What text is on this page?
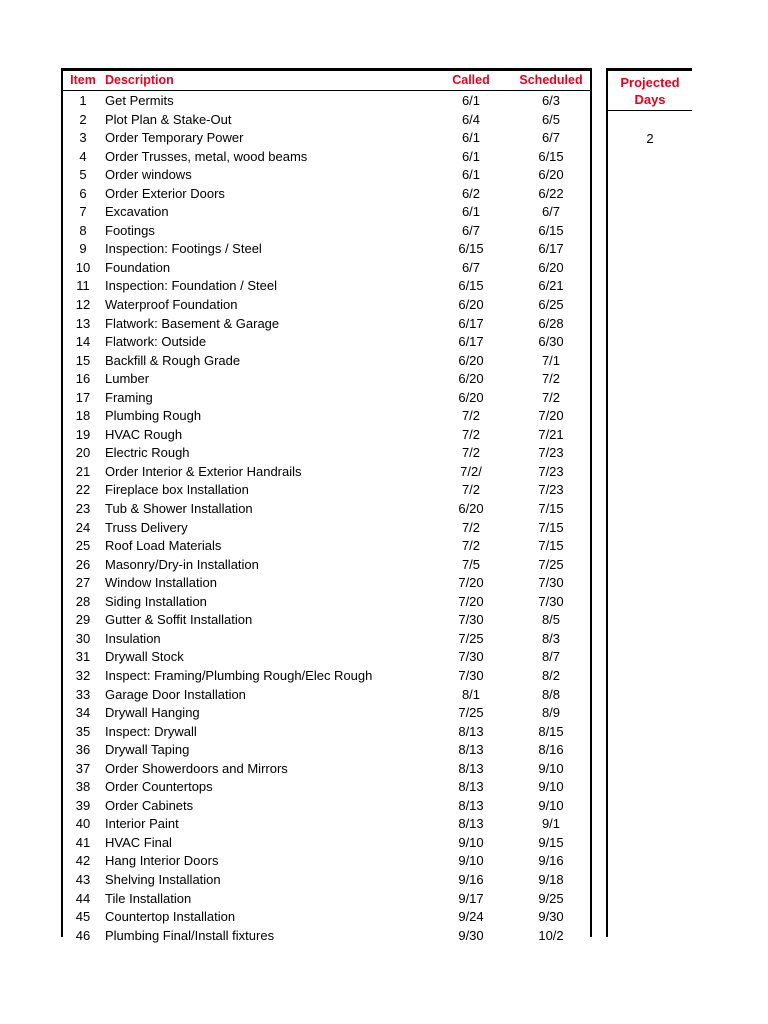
Item Description	Called	Scheduled
1	Get Permits	6/1	6/3
2	Plot Plan & Stake-Out	6/4	6/5
3	Order Temporary Power	6/1	6/7
4	Order Trusses, metal, wood beams	6/1	6/15
5	Order windows	6/1	6/20
6	Order Exterior Doors	6/2	6/22
7	Excavation	6/1	6/7
8	Footings	6/7	6/15
9	Inspection: Footings / Steel	6/15	6/17
10	Foundation	6/7	6/20
11	Inspection: Foundation / Steel	6/15	6/21
12	Waterproof Foundation	6/20	6/25
13	Flatwork: Basement & Garage	6/17	6/28
14	Flatwork: Outside	6/17	6/30
15	Backfill & Rough Grade	6/20	7/1
16	Lumber	6/20	7/2
17	Framing	6/20	7/2
18	Plumbing Rough	7/2	7/20
19	HVAC Rough	7/2	7/21
20	Electric Rough	7/2	7/23
21	Order Interior & Exterior Handrails	7/2/	7/23
22	Fireplace box Installation	7/2	7/23
23	Tub & Shower Installation	6/20	7/15
24	Truss Delivery	7/2	7/15
25	Roof Load Materials	7/2	7/15
26	Masonry/Dry-in Installation	7/5	7/25
27	Window Installation	7/20	7/30
28	Siding Installation	7/20	7/30
29	Gutter & Soffit Installation	7/30	8/5
30	Insulation	7/25	8/3
31	Drywall Stock	7/30	8/7
32	Inspect: Framing/Plumbing Rough/Elec Rough	7/30	8/2
33	Garage Door Installation	8/1	8/8
34	Drywall Hanging	7/25	8/9
35	Inspect: Drywall	8/13	8/15
36	Drywall Taping	8/13	8/16
37	Order Showerdoors and Mirrors	8/13	9/10
38	Order Countertops	8/13	9/10
39	Order Cabinets	8/13	9/10
40	Interior Paint	8/13	9/1
41	HVAC Final	9/10	9/15
42	Hang Interior Doors	9/10	9/16
43	Shelving Installation	9/16	9/18
44	Tile Installation	9/17	9/25
45	Countertop Installation	9/24	9/30
46	Plumbing Final/Install fixtures	9/30	10/2
Projected
Days
2
